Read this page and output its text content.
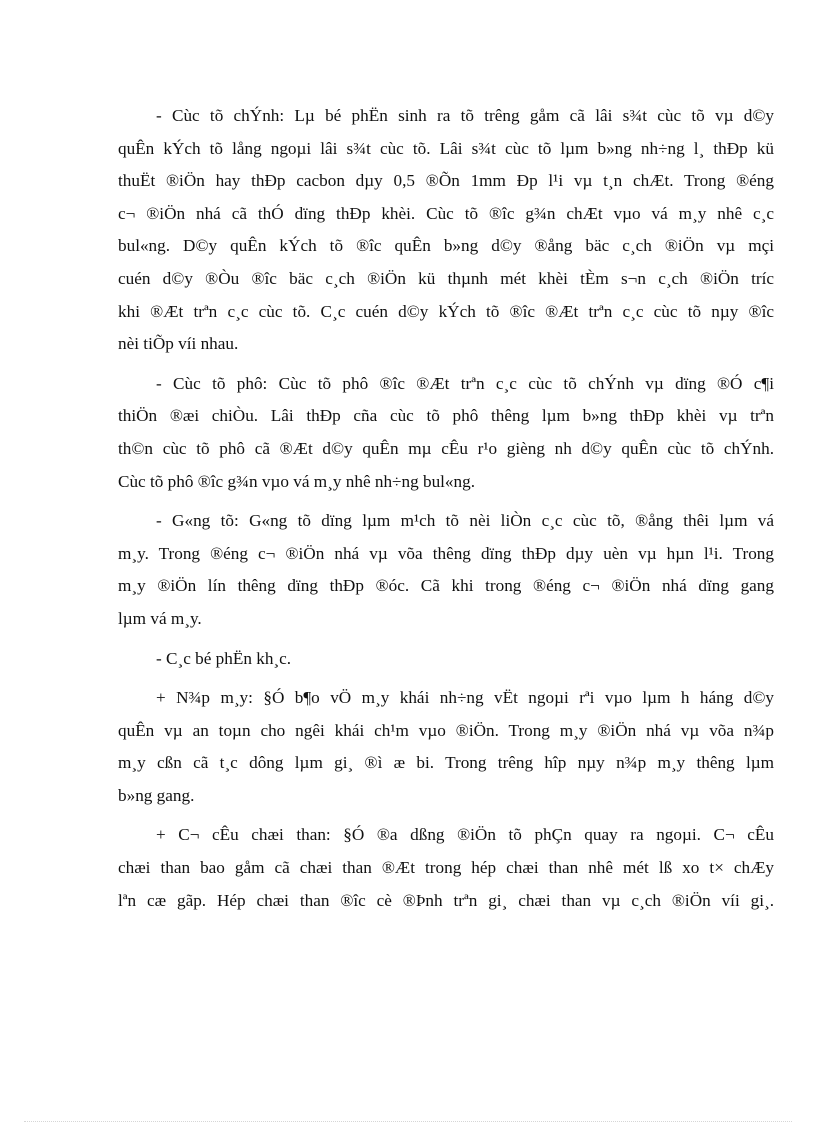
- Cùc tõ chÝnh: Lµ bé phËn sinh ra tõ trêng gåm cã lâi s¾t cùc tõ vµ d©y
quÊn kÝch tõ lång ngoµi lâi s¾t cùc tõ. Lâi s¾t cùc tõ lµm b»ng nh÷ng l¸ thÐp kü
thuËt ®iÖn hay thÐp cacbon dµy 0,5 ®Õn 1mm Ðp l¹i vµ t¸n chÆt. Trong ®éng
c¬ ®iÖn nhá cã thÓ dïng thÐp khèi. Cùc tõ ®îc g¾n chÆt vµo vá m¸y nhê c¸c
bul«ng. D©y quÊn kÝch tõ ®îc quÊn b»ng d©y ®ång bäc c¸ch ®iÖn vµ mçi
cuén d©y ®Òu ®îc bäc c¸ch ®iÖn kü thµnh mét khèi tÈm s¬n c¸ch ®iÖn tríc
khi ®Æt trªn c¸c cùc tõ. C¸c cuén d©y kÝch tõ ®îc ®Æt trªn c¸c cùc tõ nµy ®îc
nèi tiÕp víi nhau.
- Cùc tõ phô: Cùc tõ phô ®îc ®Æt trªn c¸c cùc tõ chÝnh vµ dïng ®Ó c¶i
thiÖn ®æi chiÒu. Lâi thÐp cña cùc tõ phô thêng lµm b»ng thÐp khèi vµ trªn
th©n cùc tõ phô cã ®Æt d©y quÊn mµ cÊu r¹o gièng nh d©y quÊn cùc tõ chÝnh.
Cùc tõ phô ®îc g¾n vµo vá m¸y nhê nh÷ng bul«ng.
- G«ng tõ: G«ng tõ dïng lµm m¹ch tõ nèi liÒn c¸c cùc tõ, ®ång thêi lµm vá
m¸y. Trong ®éng c¬ ®iÖn nhá vµ võa thêng dïng thÐp dµy uèn vµ hµn l¹i. Trong
m¸y ®iÖn lín thêng dïng thÐp ®óc. Cã khi trong ®éng c¬ ®iÖn nhá dïng gang
lµm vá m¸y.
- C¸c bé phËn kh¸c.
+ N¾p m¸y: §Ó b¶o vÖ m¸y khái nh÷ng vËt ngoµi rªi vµo lµm h háng d©y
quÊn vµ an toµn cho ngêi khái ch¹m vµo ®iÖn. Trong m¸y ®iÖn nhá vµ võa n¾p
m¸y cßn cã t¸c dông lµm gi¸ ®ì æ bi. Trong trêng hîp nµy n¾p m¸y thêng lµm
b»ng gang.
+ C¬ cÊu chæi than: §Ó ®a dßng ®iÖn tõ phÇn quay ra ngoµi. C¬ cÊu
chæi than bao gåm cã chæi than ®Æt trong hép chæi than nhê mét lß xo t× chÆy
lªn cæ gãp. Hép chæi than ®îc cè ®Þnh trªn gi¸ chæi than vµ c¸ch ®iÖn víi gi¸.
